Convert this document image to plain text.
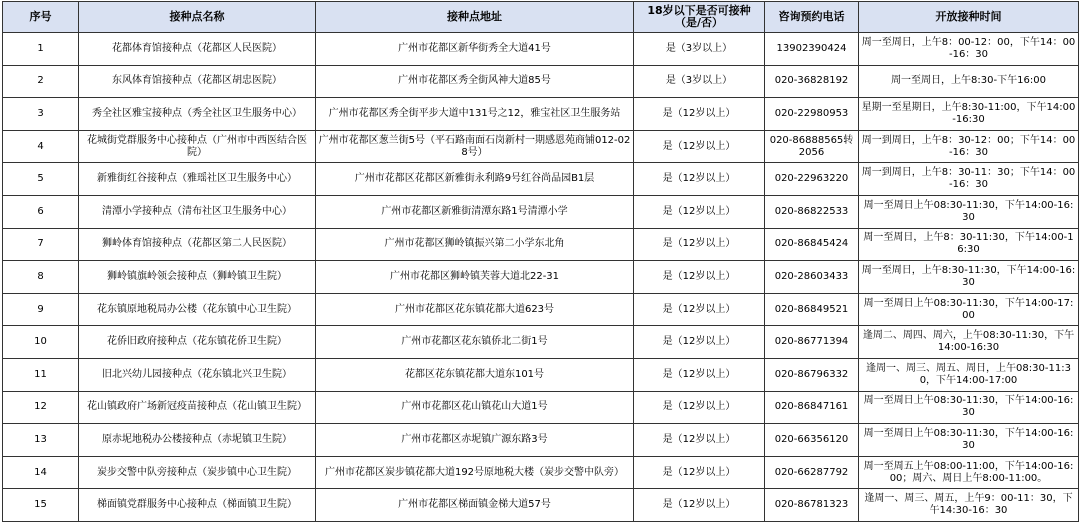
序号	接种点名称	接种点地址	18岁以下是否可接种（是/否）	咨询预约电话	开放接种时间
1	花都体育馆接种点（花都区人民医院）	广州市花都区新华街秀全大道41号	是（3岁以上）	13902390424	周一至周日，上午8：00-12：00，下午14：00-16：30
2	东风体育馆接种点（花都区胡忠医院）	广州市花都区秀全街风神大道85号	是（3岁以上）	020-36828192	周一至周日，上午8:30-下午16:00
3	秀全社区雅宝接种点（秀全社区卫生服务中心）	广州市花都区秀全街平步大道中131号之12，雅宝社区卫生服务站	是（12岁以上）	020-22980953	星期一至星期日，上午8:30-11:00，下午14:00-16:30
4	花城街党群服务中心接种点（广州市中西医结合医院）	广州市花都区葱兰街5号（平石路南面石岗新村一期感恩苑商铺012-028号）	是（12岁以上）	020-86888565转2056	周一到周日，上午8：30-12：00；下午14：00-16：30
5	新雅街红谷接种点（雅瑶社区卫生服务中心）	广州市花都区花都区新雅街永利路9号红谷尚品园B1层	是（12岁以上）	020-22963220	周一到周日，上午8：30-11：30；下午14：00-16：30
6	清潭小学接种点（清布社区卫生服务中心）	广州市花都区新雅街清潭东路1号清潭小学	是（12岁以上）	020-86822533	周一至周日上午08:30-11:30，下午14:00-16:30
7	狮岭体育馆接种点（花都区第二人民医院）	广州市花都区狮岭镇振兴第二小学东北角	是（12岁以上）	020-86845424	周一至周日，上午8：30-11:30，下午14:00-16:30
8	狮岭镇旗岭领会接种点（狮岭镇卫生院）	广州市花都区狮岭镇芙蓉大道北22-31	是（12岁以上）	020-28603433	周一至周日，上午8:30-11:30，下午14:00-16:30
9	花东镇原地税局办公楼（花东镇中心卫生院）	广州市花都区花东镇花都大道623号	是（12岁以上）	020-86849521	周一至周日上午08:30-11:30，下午14:00-17:00
10	花侨旧政府接种点（花东镇花侨卫生院）	广州市花都区花东镇侨北二街1号	是（12岁以上）	020-86771394	逢周二、周四、周六，上午08:30-11:30，下午14:00-16:30
11	旧北兴幼儿园接种点（花东镇北兴卫生院）	花都区花东镇花都大道东101号	是（12岁以上）	020-86796332	逢周一、周三、周五、周日，上午08:30-11:30，下午14:00-17:00
12	花山镇政府广场新冠疫苗接种点（花山镇卫生院）	广州市花都区花山镇花山大道1号	是（12岁以上）	020-86847161	周一至周日上午08:30-11:30，下午14:00-16:30
13	原赤坭地税办公楼接种点（赤坭镇卫生院）	广州市花都区赤坭镇广源东路3号	是（12岁以上）	020-66356120	周一至周日上午08:30-11:30，下午14:00-16:30
14	炭步交警中队旁接种点（炭步镇中心卫生院）	广州市花都区炭步镇花都大道192号原地税大楼（炭步交警中队旁）	是（12岁以上）	020-66287792	周一至周五上午08:00-11:00，下午14:00-16:00；周六、周日上午8:00-11:00。
15	梯面镇党群服务中心接种点（梯面镇卫生院）	广州市花都区梯面镇金梯大道57号	是（12岁以上）	020-86781323	逢周一、周三、周五，上午9：00-11：30，下午14:30-16：30
